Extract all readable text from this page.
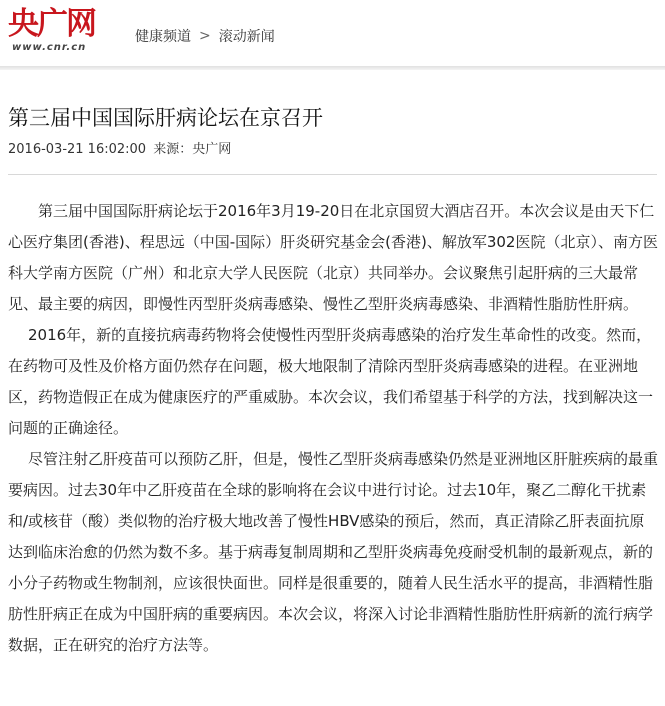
央广网
www.cnr.cn
健康频道 > 滚动新闻
第三届中国国际肝病论坛在京召开
2016-03-21 16:02:00 来源：央广网

第三届中国国际肝病论坛于2016年3月19-20日在北京国贸大酒店召开。本次会议是由天下仁心医疗集团(香港)、程思远（中国-国际）肝炎研究基金会(香港)、解放军302医院（北京）、南方医科大学南方医院（广州）和北京大学人民医院（北京）共同举办。会议聚焦引起肝病的三大最常见、最主要的病因，即慢性丙型肝炎病毒感染、慢性乙型肝炎病毒感染、非酒精性脂肪性肝病。

2016年，新的直接抗病毒药物将会使慢性丙型肝炎病毒感染的治疗发生革命性的改变。然而，在药物可及性及价格方面仍然存在问题，极大地限制了清除丙型肝炎病毒感染的进程。在亚洲地区，药物造假正在成为健康医疗的严重威胁。本次会议，我们希望基于科学的方法，找到解决这一问题的正确途径。

尽管注射乙肝疫苗可以预防乙肝，但是，慢性乙型肝炎病毒感染仍然是亚洲地区肝脏疾病的最重要病因。过去30年中乙肝疫苗在全球的影响将在会议中进行讨论。过去10年，聚乙二醇化干扰素和/或核苷（酸）类似物的治疗极大地改善了慢性HBV感染的预后，然而，真正清除乙肝表面抗原 达到临床治愈的仍然为数不多。基于病毒复制周期和乙型肝炎病毒免疫耐受机制的最新观点，新的小分子药物或生物制剂，应该很快面世。同样是很重要的，随着人民生活水平的提高，非酒精性脂肪性肝病正在成为中国肝病的重要病因。本次会议，将深入讨论非酒精性脂肪性肝病新的流行病学数据，正在研究的治疗方法等。
